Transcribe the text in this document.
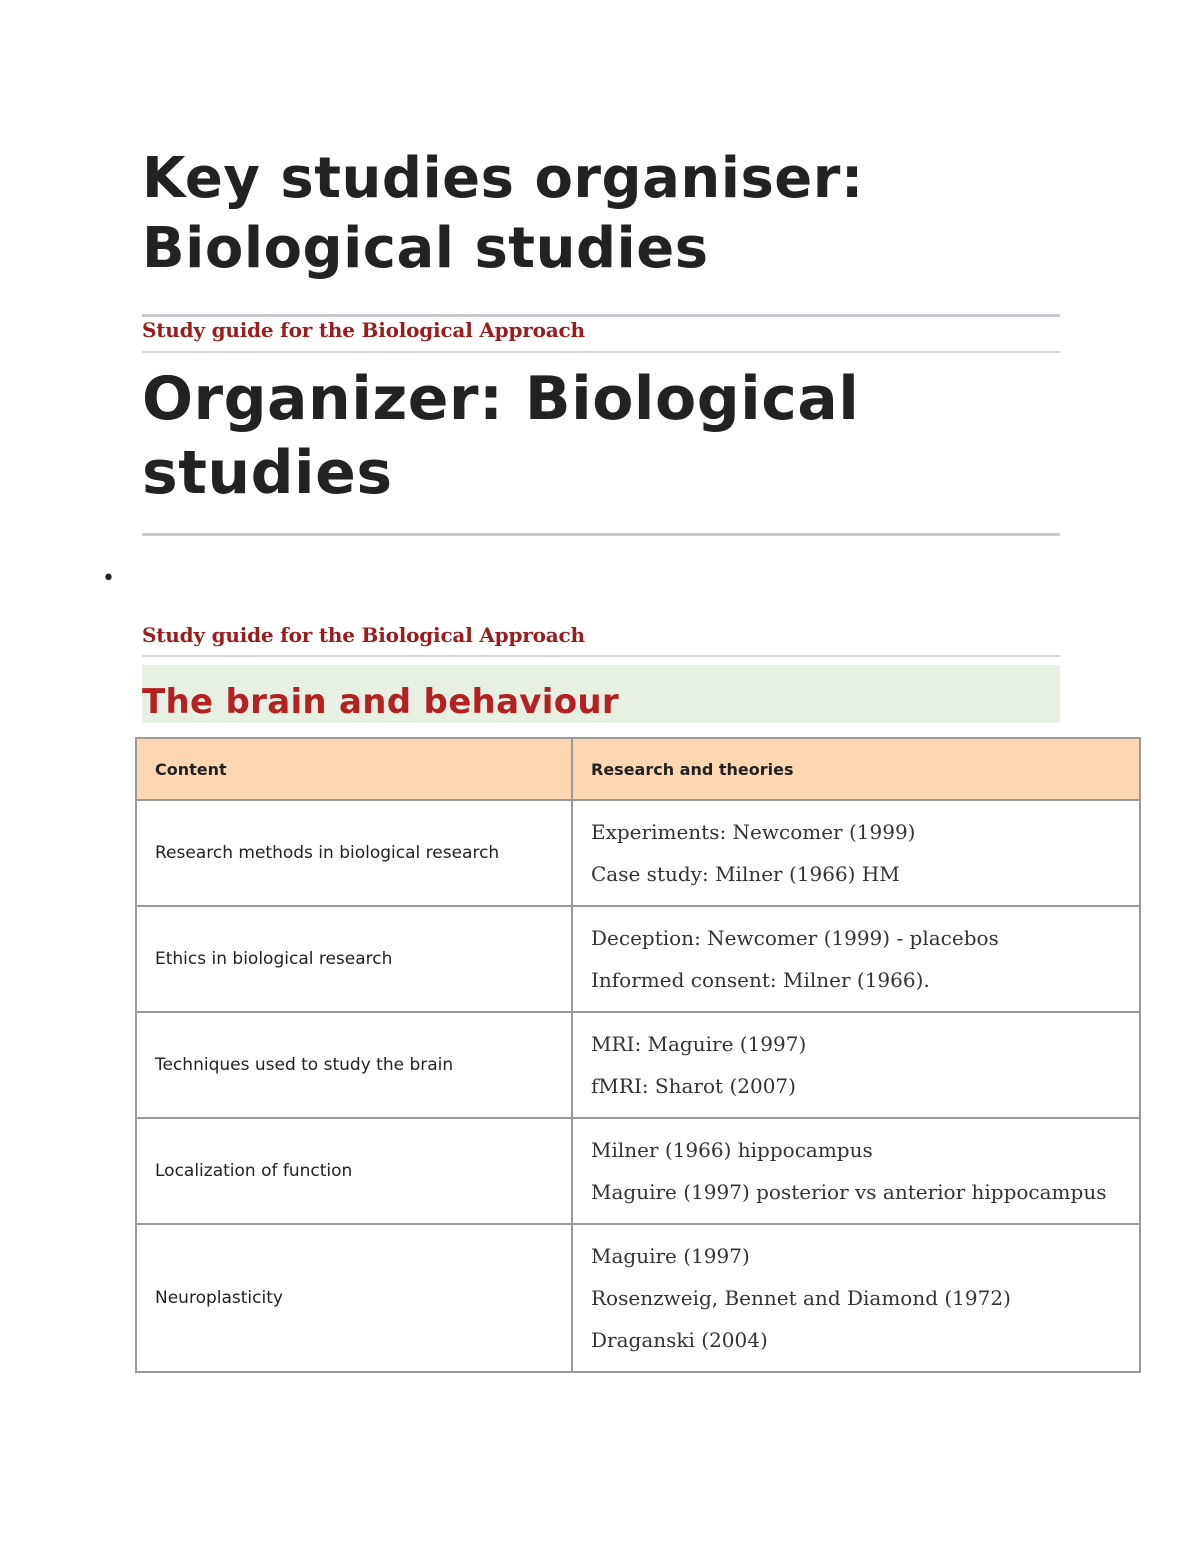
Key studies organiser: Biological studies
Study guide for the Biological Approach
Organizer: Biological studies
•
Study guide for the Biological Approach
The brain and behaviour
Content	Research and theories
Research methods in biological research	Experiments: Newcomer (1999)
Case study: Milner (1966) HM

Ethics in biological research	Deception: Newcomer (1999) - placebos
Informed consent: Milner (1966).

Techniques used to study the brain	MRI: Maguire (1997)
fMRI: Sharot (2007)

Localization of function	Milner (1966) hippocampus
Maguire (1997) posterior vs anterior hippocampus

Neuroplasticity	Maguire (1997)
Rosenzweig, Bennet and Diamond (1972)
Draganski (2004)
